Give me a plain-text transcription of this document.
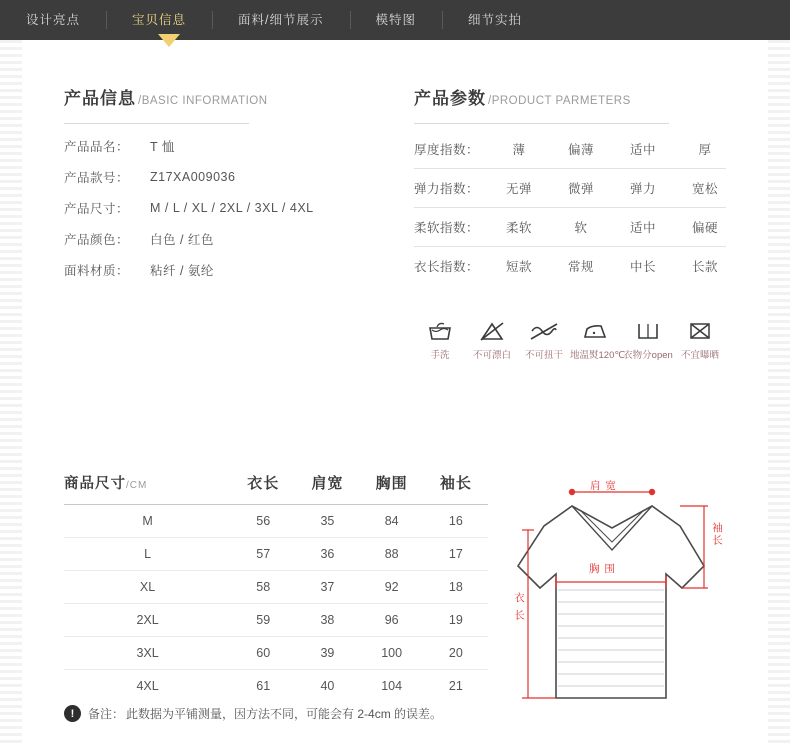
设计亮点	宝贝信息	面料/细节展示	模特图	细节实拍
产品信息 /BASIC INFORMATION
产品品名：	T 恤
产品款号：	Z17XA009036
产品尺寸：	M / L / XL / 2XL / 3XL / 4XL
产品颜色：	白色 / 红色
面料材质：	粘纤 / 氨纶
产品参数 /PRODUCT PARMETERS
厚度指数：	薄	偏薄	适中	厚
弹力指数：	无弹	微弹	弹力	宽松
柔软指数：	柔软	软	适中	偏硬
衣长指数：	短款	常规	中长	长款
手洗	不可漂白	不可扭干 地温熨120℃
衣物分open 不宜曝晒
商品尺寸/CM	衣长	肩宽	胸围	袖长
M	56	35	84	16
L	57	36	88	17
XL	58	37	92	18
2XL	59	38	96	19
3XL	60	39	100	20
4XL	61	40	104	21
!	备注： 此数据为平铺测量，因方法不同，可能会有 2-4cm 的误差。
肩 宽
袖长
胸 围
衣 长
